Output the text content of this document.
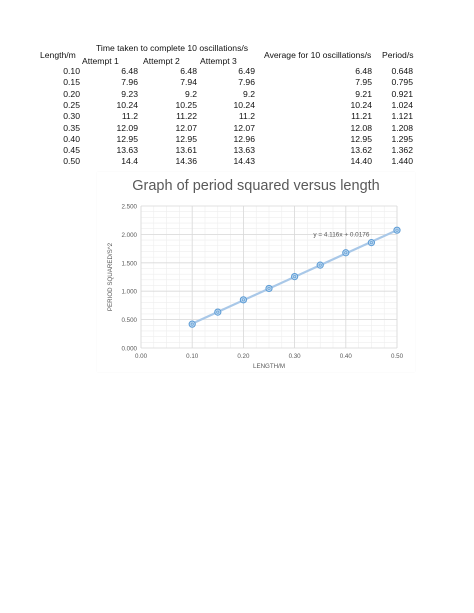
Time taken to complete 10 oscillations/s
Length/m
Attempt 1	Attempt 2 Attempt 3
Average for 10 oscillations/s Period/s
0.10	6.48	6.48	6.49	6.48 0.648
0.15	7.96	7.94	7.96	7.95 0.795
0.20	9.23	9.2	9.2	9.21 0.921
0.25	10.24	10.25	10.24	10.24 1.024
0.30	11.2	11.22	11.2	11.21 1.121
0.35	12.09	12.07	12.07	12.08 1.208
0.40	12.95	12.95	12.96	12.95 1.295
0.45	13.63	13.61	13.63	13.62 1.362
0.50	14.4	14.36	14.43	14.40 1.440
Graph of period squared versus length
0.000
0.500
1.000
1.500
2.000
2.500
0.00	0.10	0.20	0.30	0.40	0.50
PERIOD SQUARED/S^2
LENGTH/M
y = 4.116x + 0.0176
